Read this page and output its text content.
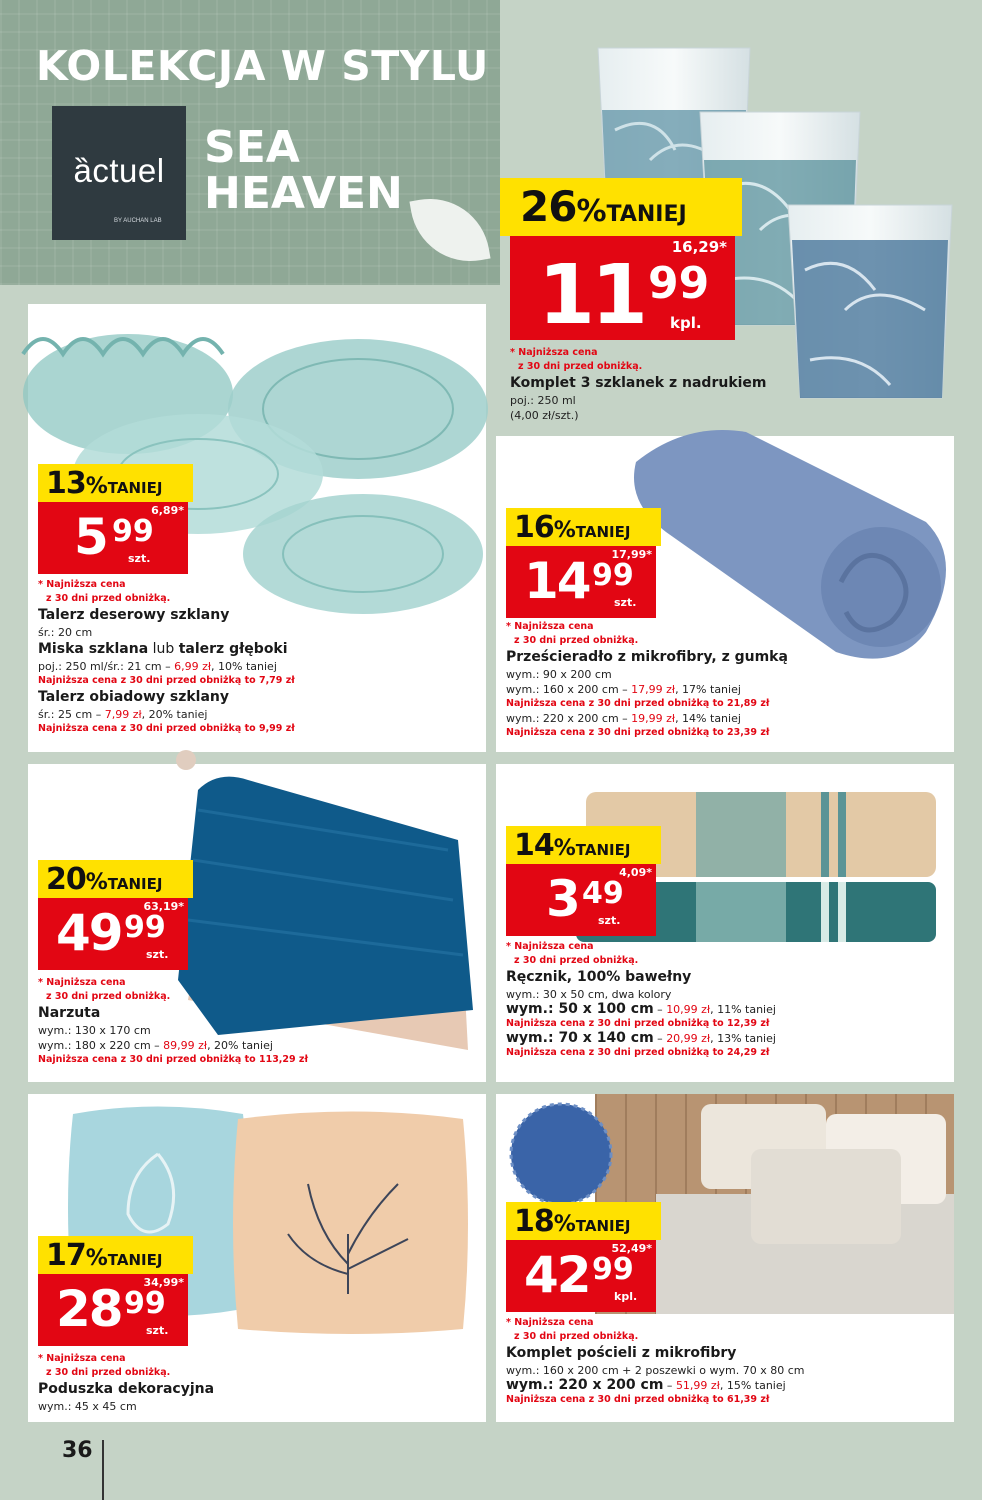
KOLEKCJA W STYLU
ȁctuel
BY AUCHAN LAB
SEA
HEAVEN	26%TANIEJ
16,29*
11 99
kpl.
* Najniższa cena
z 30 dni przed obniżką.
Komplet 3 szklanek z nadrukiem
poj.: 250 ml
(4,00 zł/szt.)
13%TANIEJ
6,89*
5 99
szt.
* Najniższa cena
z 30 dni przed obniżką.
Talerz deserowy szklany
śr.: 20 cm
Miska szklana lub talerz głęboki
poj.: 250 ml/śr.: 21 cm – 6,99 zł, 10% taniej
Najniższa cena z 30 dni przed obniżką to 7,79 zł
Talerz obiadowy szklany
śr.: 25 cm – 7,99 zł, 20% taniej
Najniższa cena z 30 dni przed obniżką to 9,99 zł
16%TANIEJ
17,99*
14 99
szt.
* Najniższa cena
z 30 dni przed obniżką.
Prześcieradło z mikrofibry, z gumką
wym.: 90 x 200 cm
wym.: 160 x 200 cm – 17,99 zł, 17% taniej
Najniższa cena z 30 dni przed obniżką to 21,89 zł
wym.: 220 x 200 cm – 19,99 zł, 14% taniej
Najniższa cena z 30 dni przed obniżką to 23,39 zł
20%TANIEJ
63,19*
49 99
szt.
* Najniższa cena
z 30 dni przed obniżką.
Narzuta
wym.: 130 x 170 cm
wym.: 180 x 220 cm – 89,99 zł, 20% taniej
Najniższa cena z 30 dni przed obniżką to 113,29 zł
14%TANIEJ
4,09*
3 49
szt.
* Najniższa cena
z 30 dni przed obniżką.
Ręcznik, 100% bawełny
wym.: 30 x 50 cm, dwa kolory
wym.: 50 x 100 cm – 10,99 zł, 11% taniej
Najniższa cena z 30 dni przed obniżką to 12,39 zł
wym.: 70 x 140 cm – 20,99 zł, 13% taniej
Najniższa cena z 30 dni przed obniżką to 24,29 zł
17%TANIEJ
34,99*
28 99
szt.
* Najniższa cena
z 30 dni przed obniżką.
Poduszka dekoracyjna
wym.: 45 x 45 cm
18%TANIEJ
52,49*
42 99
kpl.
* Najniższa cena
z 30 dni przed obniżką.
Komplet pościeli z mikrofibry
wym.: 160 x 200 cm + 2 poszewki o wym. 70 x 80 cm
wym.: 220 x 200 cm – 51,99 zł, 15% taniej
Najniższa cena z 30 dni przed obniżką to 61,39 zł
36
